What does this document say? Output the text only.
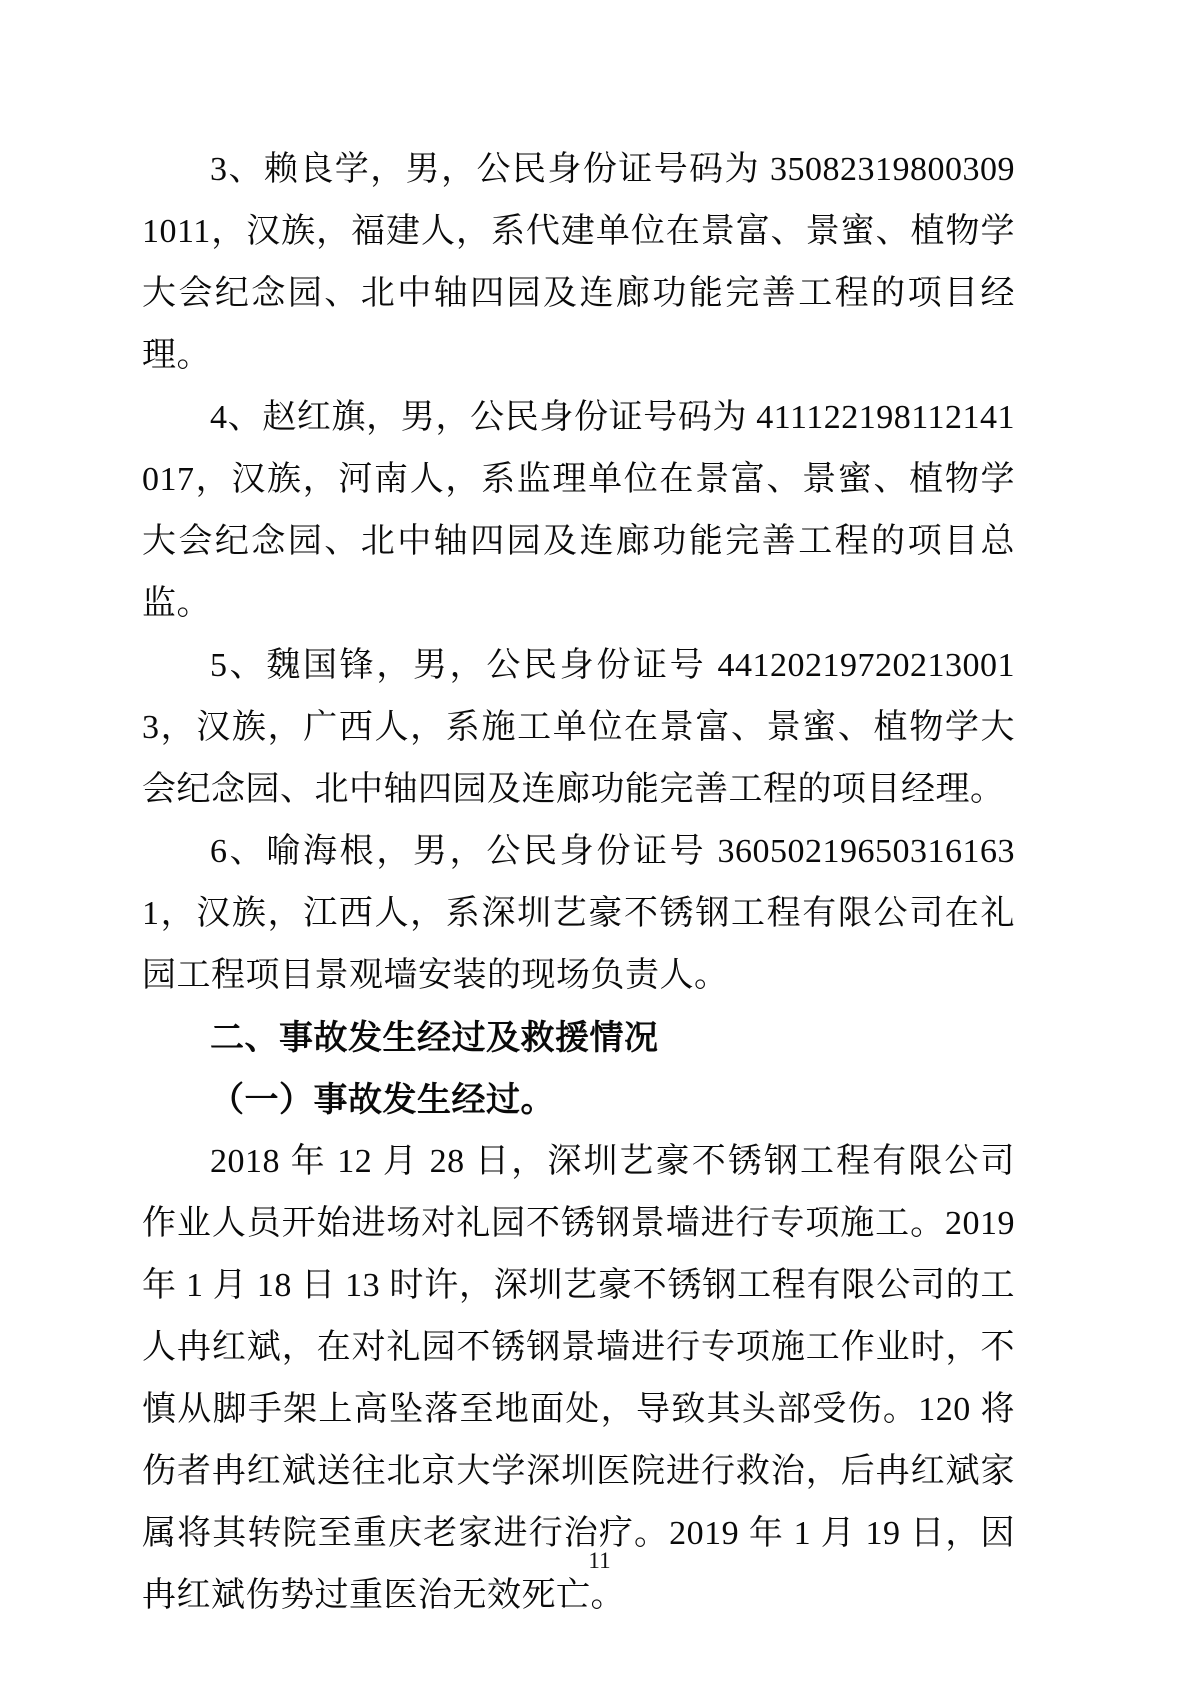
3、赖良学，男，公民身份证号码为 350823198003091011，汉族，福建人，系代建单位在景富、景蜜、植物学大会纪念园、北中轴四园及连廊功能完善工程的项目经理。

4、赵红旗，男，公民身份证号码为 411122198112141017，汉族，河南人，系监理单位在景富、景蜜、植物学大会纪念园、北中轴四园及连廊功能完善工程的项目总监。

5、魏国锋，男，公民身份证号 441202197202130013，汉族，广西人，系施工单位在景富、景蜜、植物学大会纪念园、北中轴四园及连廊功能完善工程的项目经理。

6、喻海根，男，公民身份证号 360502196503161631，汉族，江西人，系深圳艺豪不锈钢工程有限公司在礼园工程项目景观墙安装的现场负责人。

二、事故发生经过及救援情况

（一）事故发生经过。

2018 年 12 月 28 日，深圳艺豪不锈钢工程有限公司作业人员开始进场对礼园不锈钢景墙进行专项施工。2019 年 1 月 18 日 13 时许，深圳艺豪不锈钢工程有限公司的工人冉红斌，在对礼园不锈钢景墙进行专项施工作业时，不慎从脚手架上高坠落至地面处，导致其头部受伤。120 将伤者冉红斌送往北京大学深圳医院进行救治，后冉红斌家属将其转院至重庆老家进行治疗。2019 年 1 月 19 日，因冉红斌伤势过重医治无效死亡。

11
